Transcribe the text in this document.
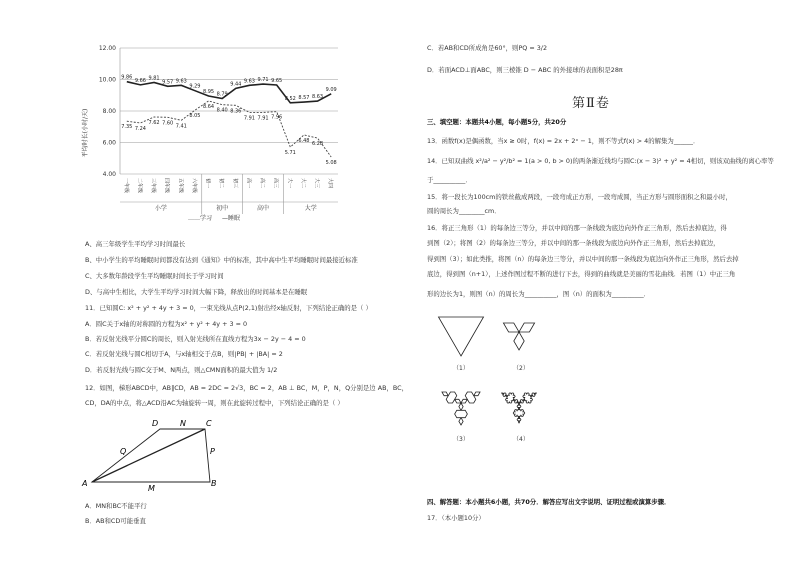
平均时长(小时/天)
4.00
6.00
8.00
10.00
12.00
9.86
9.66 9.81
9.57 9.63
9.29
8.95 8.79
9.44 9.63 9.71 9.65
8.52 8.57 8.63
9.09
7.35 7.24
7.62 7.60 7.41
8.05
8.64
8.40 8.36
7.91 7.91 7.96
5.71
6.48
6.28
5.08
一年级 二年级 三年级 四年级 五年级 六年级 初一 初二 初三 高一 高二 高三 大一 大二 大三 大四
小学	初中	高中	大学
……学习 —睡眠
A、高三年级学生平均学习时间最长
B、中小学生的平均睡眠时间都没有达到《通知》中的标准，其中高中生平均睡眠时间最接近标准
C、大多数年龄段学生平均睡眠时间长于学习时间
D、与高中生相比，大学生平均学习时间大幅下降，释放出的时间基本是在睡眠
11．已知圆C: x² + y² + 4y + 3 = 0，一束光线从点P(2,1)射出经x轴反射，下列结论正确的是（ ）
A．圆C关于x轴的对称圆的方程为x² + y² + 4y + 3 = 0
B．若反射光线平分圆C的周长，则入射光线所在直线方程为3x − 2y − 4 = 0
C．若反射光线与圆C相切于A，与x轴相交于点B，则|PB| + |BA| = 2
D．若反射光线与圆C交于M、N两点，则△CMN面积的最大值为 1/2
12．如图，梯形ABCD中，AB∥CD，AB = 2DC = 2√3，BC = 2，AB ⊥ BC，M，P，N，Q分别是边 AB，BC，
CD，DA的中点，将△ACD沿AC为轴旋转一周，则在此旋转过程中，下列结论正确的是（ ）
D	N	C
Q	P
A
M
B
A．MN和BC不能平行
B．AB和CD可能垂直
C．若AB和CD所成角是60°，则PQ = 3/2
D．若面ACD⊥面ABC，则三棱锥 D − ABC 的外接球的表面积是28π
第Ⅱ卷
三、填空题：本题共4小题，每小题5分，共20分
13．函数f(x)是偶函数，当x ≥ 0时，f(x) = 2x + 2ˣ − 1，则不等式f(x) > 4的解集为______．
14．已知双曲线 x²/a² − y²/b² = 1(a > 0, b > 0)的两条渐近线均与圆C:(x − 3)² + y² = 4相切，则该双曲线的离心率等
于__________．
15．将一段长为100cm的铁丝截成两段，一段弯成正方形，一段弯成圆，当正方形与圆形面积之和最小时，
圆的周长为________cm．
16．将正三角形（1）的每条边三等分，并以中间的那一条线段为底边向外作正三角形，然后去掉底边，得
到图（2）；将图（2）的每条边三等分，并以中间的那一条线段为底边向外作正三角形，然后去掉底边，
得到图（3）；如此类推，将图（n）的每条边三等分，并以中间的那一条线段为底边向外作正三角形，然后去掉
底边，得到图（n+1），上述作图过程不断的进行下去，得到的曲线就是美丽的雪花曲线．若图（1）中正三角
形的边长为1，则图（n）的周长为__________，图（n）的面积为__________．
（1）	（2）
（3）	（4）
四、解答题：本小题共6小题，共70分．解答应写出文字说明、证明过程或演算步骤．
17．（本小题10分）
